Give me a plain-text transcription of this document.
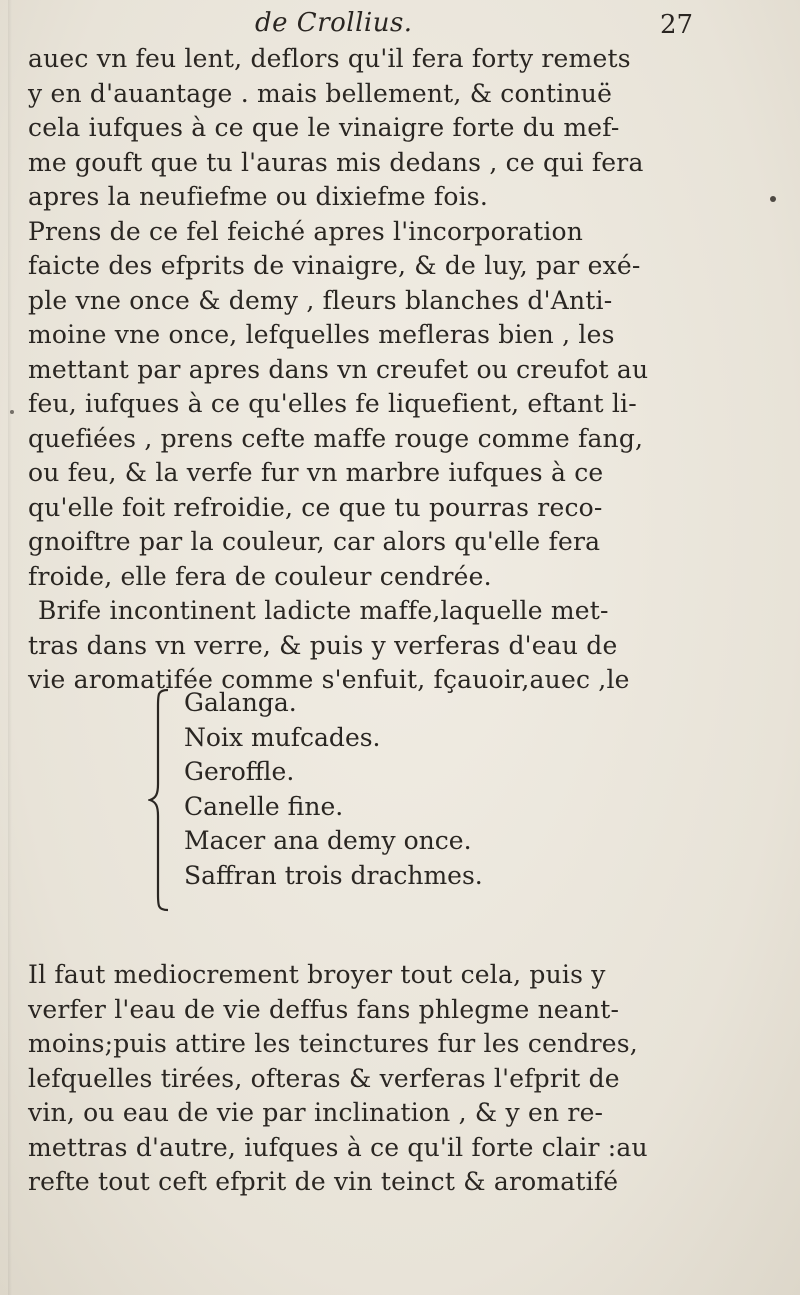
de Crollius.	27
auec vn feu lent, deflors qu'il fera forty remets
y en d'auantage . mais bellement, & continuë
cela iufques à ce que le vinaigre forte du mef-
me gouft que tu l'auras mis dedans , ce qui fera
apres la neufiefme ou dixiefme fois.
Prens de ce fel feiché apres l'incorporation
faicte des efprits de vinaigre, & de luy, par exé-
ple vne once & demy , fleurs blanches d'Anti-
moine vne once, lefquelles mefleras bien , les
mettant par apres dans vn creufet ou creufot au
feu, iufques à ce qu'elles fe liquefient, eftant li-
quefiées , prens cefte maffe rouge comme fang,
ou feu, & la verfe fur vn marbre iufques à ce
qu'elle foit refroidie, ce que tu pourras reco-
gnoiftre par la couleur, car alors qu'elle fera
froide, elle fera de couleur cendrée.
Brife incontinent ladicte maffe,laquelle met-
tras dans vn verre, & puis y verferas d'eau de
vie aromatifée comme s'enfuit, fçauoir,auec ,le
Galanga.
Noix mufcades.
Geroffle.
Canelle fine.
Macer ana demy once.
Saffran trois drachmes.
Il faut mediocrement broyer tout cela, puis y
verfer l'eau de vie deffus fans phlegme neant-
moins;puis attire les teinctures fur les cendres,
lefquelles tirées, ofteras & verferas l'efprit de
vin, ou eau de vie par inclination , & y en re-
mettras d'autre, iufques à ce qu'il forte clair :au
refte tout ceft efprit de vin teinct & aromatifé
